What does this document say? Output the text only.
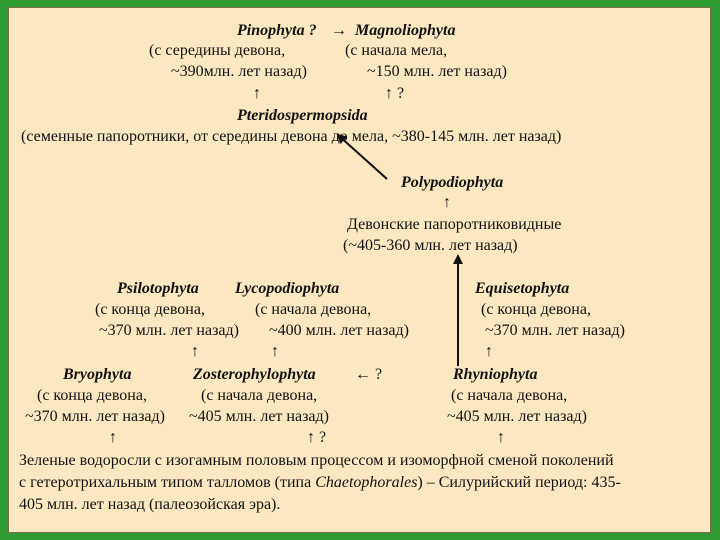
Pinophyta ? → Magnoliophyta
(с середины девона,	(с начала мела,
~390млн. лет назад)	~150 млн. лет назад)
↑	↑ ?
Pteridospermopsida
(семенные папоротники, от середины девона до мела, ~380-145 млн. лет назад)
Polypodiophyta
↑
Девонские папоротниковидные
(~405-360 млн. лет назад)
Psilotophyta Lycopodiophyta	Equisetophyta
(с конца девона,	(с начала девона,	(с конца девона,
~370 млн. лет назад) ~400 млн. лет назад)	~370 млн. лет назад)
↑	↑	↑
Bryophyta	Zosterophylophyta ← ?	Rhyniophyta
(с конца девона,	(с начала девона,	(с начала девона,
~370 млн. лет назад) ~405 млн. лет назад)	~405 млн. лет назад)
↑	↑ ?	↑
Зеленые водоросли с изогамным половым процессом и изоморфной сменой поколений
с гетеротрихальным типом талломов (типа Chaetophorales) – Силурийский период: 435-
405 млн. лет назад (палеозойская эра).
